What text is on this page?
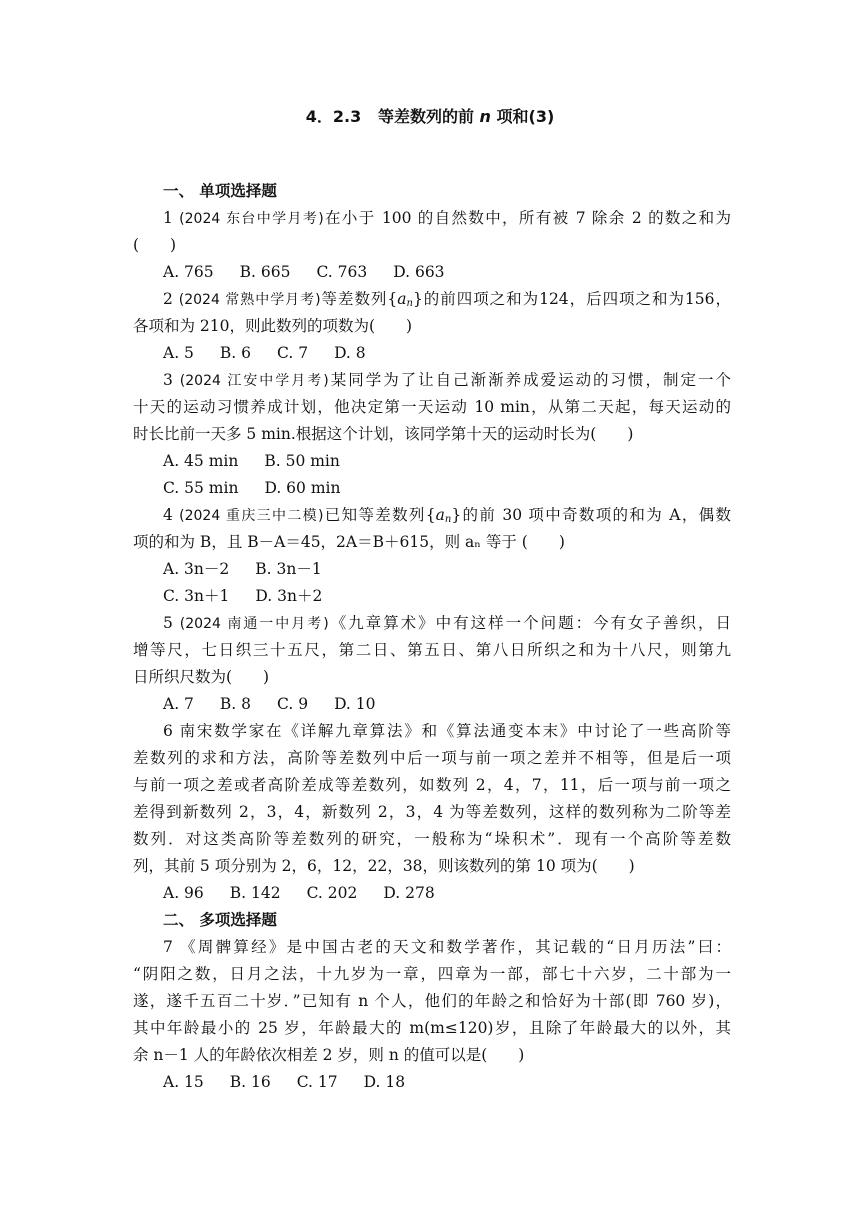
4．2.3 等差数列的前 n 项和(3)
一、 单项选择题
1 (2024 东台中学月考)在小于 100 的自然数中，所有被 7 除余 2 的数之和为
(　　)
A. 765 B. 665 C. 763 D. 663
2 (2024 常熟中学月考)等差数列$\{a_n\}$的前四项之和为124，后四项之和为156，
各项和为 210，则此数列的项数为(　　)
A. 5 B. 6 C. 7 D. 8
3 (2024 江安中学月考)某同学为了让自己渐渐养成爱运动的习惯，制定一个
十天的运动习惯养成计划，他决定第一天运动 10 min，从第二天起，每天运动的
时长比前一天多 5 min.根据这个计划，该同学第十天的运动时长为(　　)
A. 45 min B. 50 min
C. 55 min D. 60 min
4 (2024 重庆三中二模)已知等差数列$\{a_n\}$的前 30 项中奇数项的和为 A，偶数
项的和为 B，且 B－A＝45，2A＝B＋615，则 aₙ 等于 (　　)
A. 3n－2 B. 3n－1
C. 3n＋1 D. 3n＋2
5 (2024 南通一中月考)《九章算术》中有这样一个问题：今有女子善织，日
增等尺，七日织三十五尺，第二日、第五日、第八日所织之和为十八尺，则第九
日所织尺数为(　　)
A. 7 B. 8 C. 9 D. 10
6 南宋数学家在《详解九章算法》和《算法通变本末》中讨论了一些高阶等
差数列的求和方法，高阶等差数列中后一项与前一项之差并不相等，但是后一项
与前一项之差或者高阶差成等差数列，如数列 2，4，7，11，后一项与前一项之
差得到新数列 2，3，4，新数列 2，3，4 为等差数列，这样的数列称为二阶等差
数列．对这类高阶等差数列的研究，一般称为“垛积术”．现有一个高阶等差数
列，其前 5 项分别为 2，6，12，22，38，则该数列的第 10 项为(　　)
A. 96 B. 142 C. 202 D. 278
二、 多项选择题
7 《周髀算经》是中国古老的天文和数学著作，其记载的“日月历法”曰：
“阴阳之数，日月之法，十九岁为一章，四章为一部，部七十六岁，二十部为一
遂，遂千五百二十岁．”已知有 n 个人，他们的年龄之和恰好为十部(即 760 岁)，
其中年龄最小的 25 岁，年龄最大的 m(m≤120)岁，且除了年龄最大的以外，其
余 n－1 人的年龄依次相差 2 岁，则 n 的值可以是(　　)
A. 15 B. 16 C. 17 D. 18
